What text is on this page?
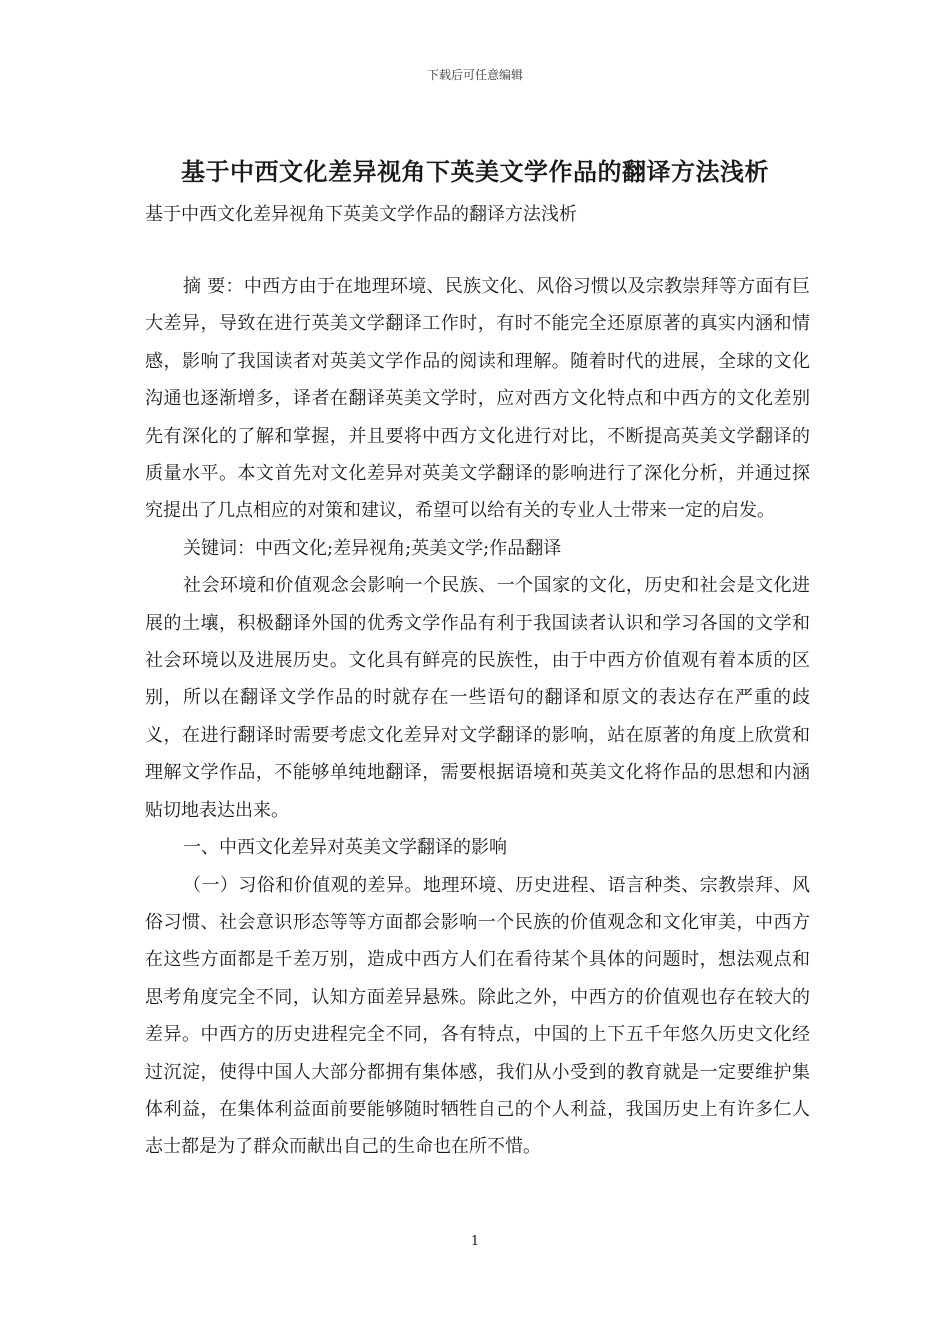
下载后可任意编辑
基于中西文化差异视角下英美文学作品的翻译方法浅析
基于中西文化差异视角下英美文学作品的翻译方法浅析

摘 要：中西方由于在地理环境、民族文化、风俗习惯以及宗教崇拜等方面有巨大差异，导致在进行英美文学翻译工作时，有时不能完全还原原著的真实内涵和情感，影响了我国读者对英美文学作品的阅读和理解。随着时代的进展，全球的文化沟通也逐渐增多，译者在翻译英美文学时，应对西方文化特点和中西方的文化差别先有深化的了解和掌握，并且要将中西方文化进行对比，不断提高英美文学翻译的质量水平。本文首先对文化差异对英美文学翻译的影响进行了深化分析，并通过探究提出了几点相应的对策和建议，希望可以给有关的专业人士带来一定的启发。

关键词：中西文化;差异视角;英美文学;作品翻译

社会环境和价值观念会影响一个民族、一个国家的文化，历史和社会是文化进展的土壤，积极翻译外国的优秀文学作品有利于我国读者认识和学习各国的文学和社会环境以及进展历史。文化具有鲜亮的民族性，由于中西方价值观有着本质的区别，所以在翻译文学作品的时就存在一些语句的翻译和原文的表达存在严重的歧义，在进行翻译时需要考虑文化差异对文学翻译的影响，站在原著的角度上欣赏和理解文学作品，不能够单纯地翻译，需要根据语境和英美文化将作品的思想和内涵贴切地表达出来。

一、中西文化差异对英美文学翻译的影响

（一）习俗和价值观的差异。地理环境、历史进程、语言种类、宗教崇拜、风俗习惯、社会意识形态等等方面都会影响一个民族的价值观念和文化审美，中西方在这些方面都是千差万别，造成中西方人们在看待某个具体的问题时，想法观点和思考角度完全不同，认知方面差异悬殊。除此之外，中西方的价值观也存在较大的差异。中西方的历史进程完全不同，各有特点，中国的上下五千年悠久历史文化经过沉淀，使得中国人大部分都拥有集体感，我们从小受到的教育就是一定要维护集体利益，在集体利益面前要能够随时牺牲自己的个人利益，我国历史上有许多仁人志士都是为了群众而献出自己的生命也在所不惜。

1
